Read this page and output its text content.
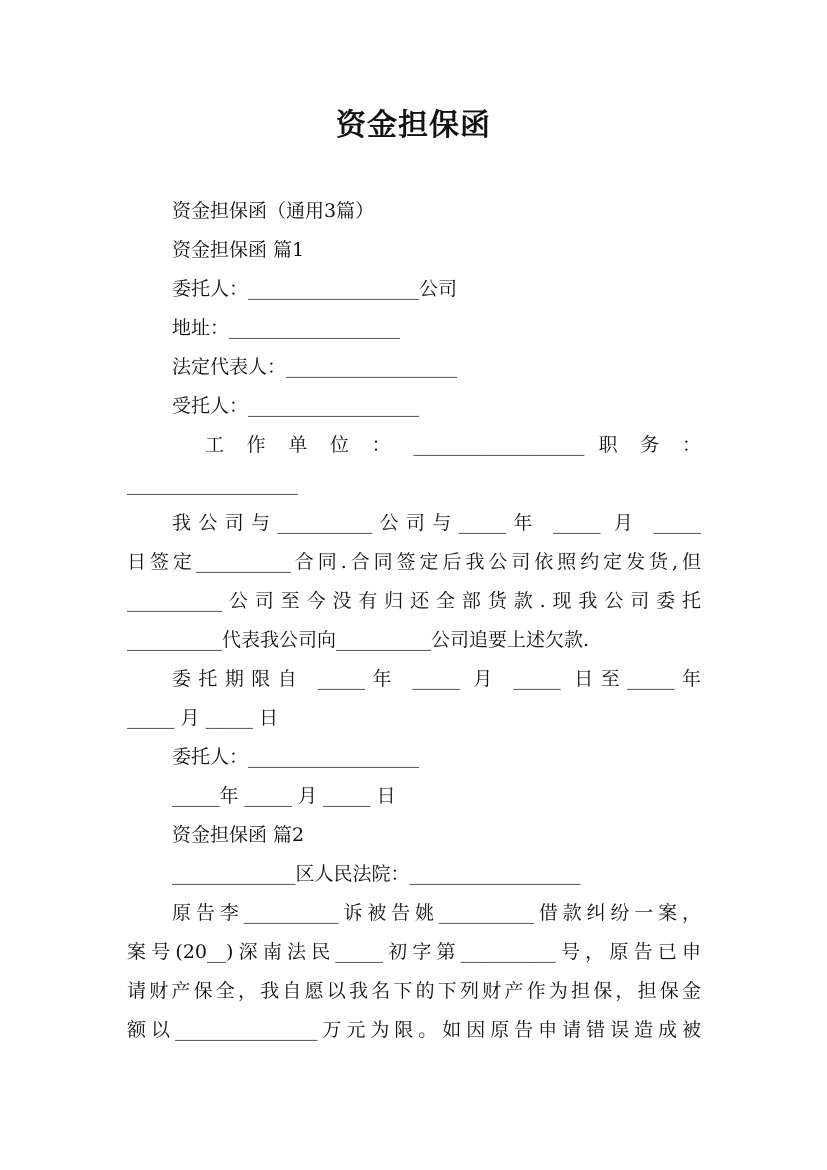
资金担保函

资金担保函（通用3篇）

资金担保函 篇1

委托人：__________________公司

地址：__________________

法定代表人：__________________

受托人：__________________

工 作 单 位 ： __________________ 职 务 ：

__________________

我公司与__________公司与_____年 _____ 月 _____

日签定__________合同.合同签定后我公司依照约定发货,但

__________公司至今没有归还全部货款.现我公司委托

__________代表我公司向__________公司追要上述欠款.

委托期限自 _____年 _____ 月 _____ 日至_____年

_____ 月 _____ 日

委托人：__________________

_____年 _____ 月 _____ 日

资金担保函 篇2

_____________区人民法院：__________________

原告李__________诉被告姚__________借款纠纷一案，

案号(20__)深南法民_____初字第__________号，原告已申

请财产保全，我自愿以我名下的下列财产作为担保，担保金

额以_______________万元为限。如因原告申请错误造成被
